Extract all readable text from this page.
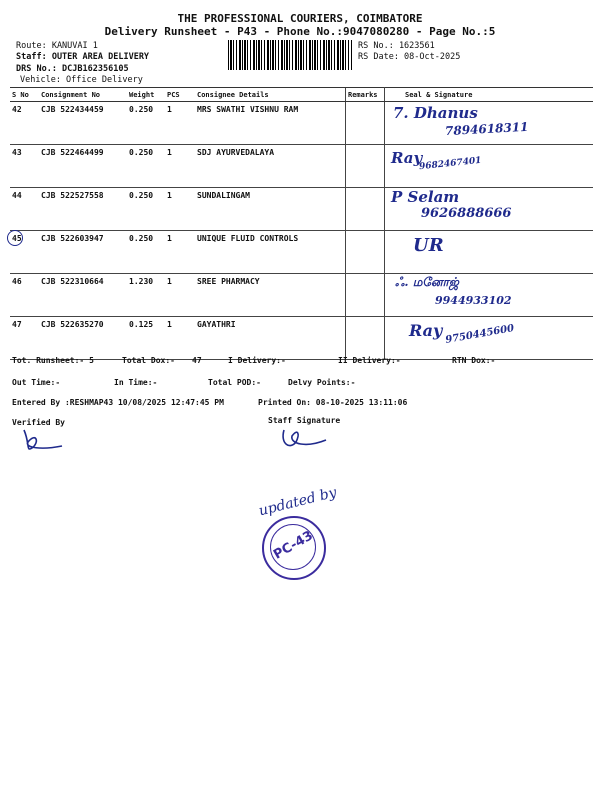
THE PROFESSIONAL COURIERS, COIMBATORE
Delivery Runsheet - P43 - Phone No.:9047080280 - Page No.:5
Route: KANUVAI 1
Staff: OUTER AREA DELIVERY
DRS No.: DCJB162356105
Vehicle: Office Delivery
RS No.: 1623561
RS Date: 08-Oct-2025
S No	Consignment No	Weight	PCS	Consignee Details	Remarks	Seal & Signature
42	CJB 522434459	0.250	1	MRS SWATHI VISHNU RAM		7. Dhanus
7894618311

43	CJB 522464499	0.250	1	SDJ AYURVEDALAYA		Ray
9682467401

44	CJB 522527558	0.250	1	SUNDALINGAM		P Selam
9626888666

45	CJB 522603947	0.250	1	UNIQUE FLUID CONTROLS		UR

46	CJB 522310664	1.230	1	SREE PHARMACY		ஃ. மனோஜ்
9944933102

47	CJB 522635270	0.125	1	GAYATHRI		Ray 9750445600
Tot. Runsheet:- 5	Total Dox:- 47	I Delivery:-	II Delivery:-	RTN Dox:-
Out Time:-	In Time:-	Total POD:-	Delvy Points:-
Entered By :RESHMAP43 10/08/2025 12:47:45 PM	Printed On: 08-10-2025 13:11:06
Verified By	Staff Signature
updated by
PC-43
